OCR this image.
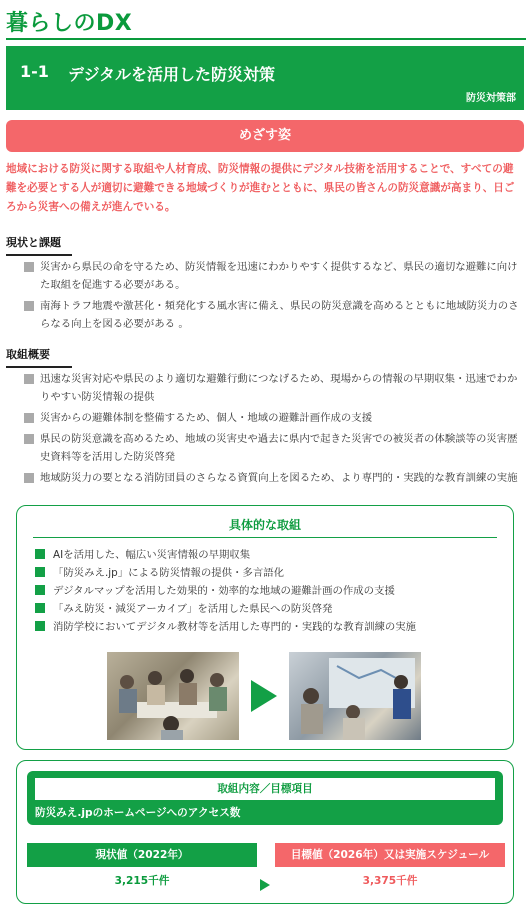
暮らしのDX
1-1 デジタルを活用した防災対策
防災対策部
めざす姿
地域における防災に関する取組や人材育成、防災情報の提供にデジタル技術を活用することで、すべての避難を必要とする人が適切に避難できる地域づくりが進むとともに、県民の皆さんの防災意識が高まり、日ごろから災害への備えが進んでいる。
現状と課題
災害から県民の命を守るため、防災情報を迅速にわかりやすく提供するなど、県民の適切な避難に向けた取組を促進する必要がある。
南海トラフ地震や激甚化・頻発化する風水害に備え、県民の防災意識を高めるとともに地域防災力のさらなる向上を図る必要がある 。
取組概要
迅速な災害対応や県民のより適切な避難行動につなげるため、現場からの情報の早期収集・迅速でわかりやすい防災情報の提供
災害からの避難体制を整備するため、個人・地域の避難計画作成の支援
県民の防災意識を高めるため、地域の災害史や過去に県内で起きた災害での被災者の体験談等の災害歴史資料等を活用した防災啓発
地域防災力の要となる消防団員のさらなる資質向上を図るため、より専門的・実践的な教育訓練の実施
具体的な取組
AIを活用した、幅広い災害情報の早期収集
「防災みえ.jp」による防災情報の提供・多言語化
デジタルマップを活用した効果的・効率的な地域の避難計画の作成の支援
「みえ防災・減災アーカイブ」を活用した県民への防災啓発
消防学校においてデジタル教材等を活用した専門的・実践的な教育訓練の実施
取組内容／目標項目
防災みえ.jpのホームページへのアクセス数
現状値（2022年）	目標値（2026年）又は実施スケジュール
3,215千件	3,375千件
